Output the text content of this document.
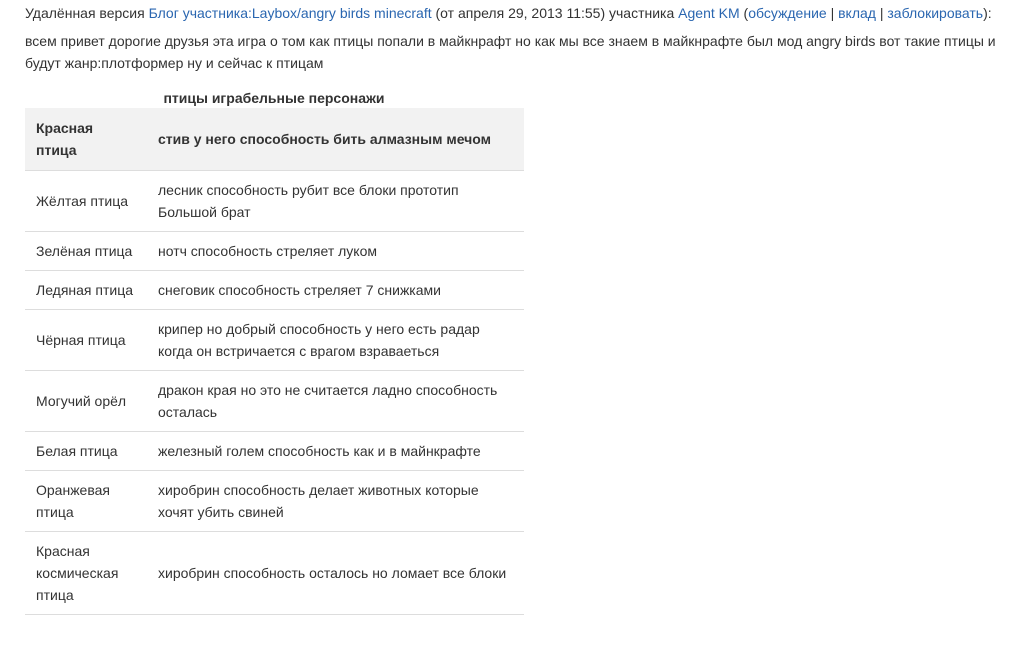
Удалённая версия Блог участника:Laybox/angry birds minecraft (от апреля 29, 2013 11:55) участника Agent KM (обсуждение | вклад | заблокировать):
всем привет дорогие друзья эта игра о том как птицы попали в майкнрафт но как мы все знаем в майкнрафте был мод angry birds вот такие птицы и будут жанр:плотформер ну и сейчас к птицам
птицы играбельные персонажи
Красная птица	стив у него способность бить алмазным мечом
Жёлтая птица	лесник способность рубит все блоки прототип Большой брат
Зелёная птица	нотч способность стреляет луком
Ледяная птица	снеговик способность стреляет 7 снижками
Чёрная птица	крипер но добрый способность у него есть радар когда он встричается с врагом взраваеться
Могучий орёл	дракон края но это не считается ладно способность осталась
Белая птица	железный голем способность как и в майнкрафте
Оранжевая птица	хиробрин способность делает животных которые хочят убить свиней
Красная космическая птица	хиробрин способность осталось но ломает все блоки
